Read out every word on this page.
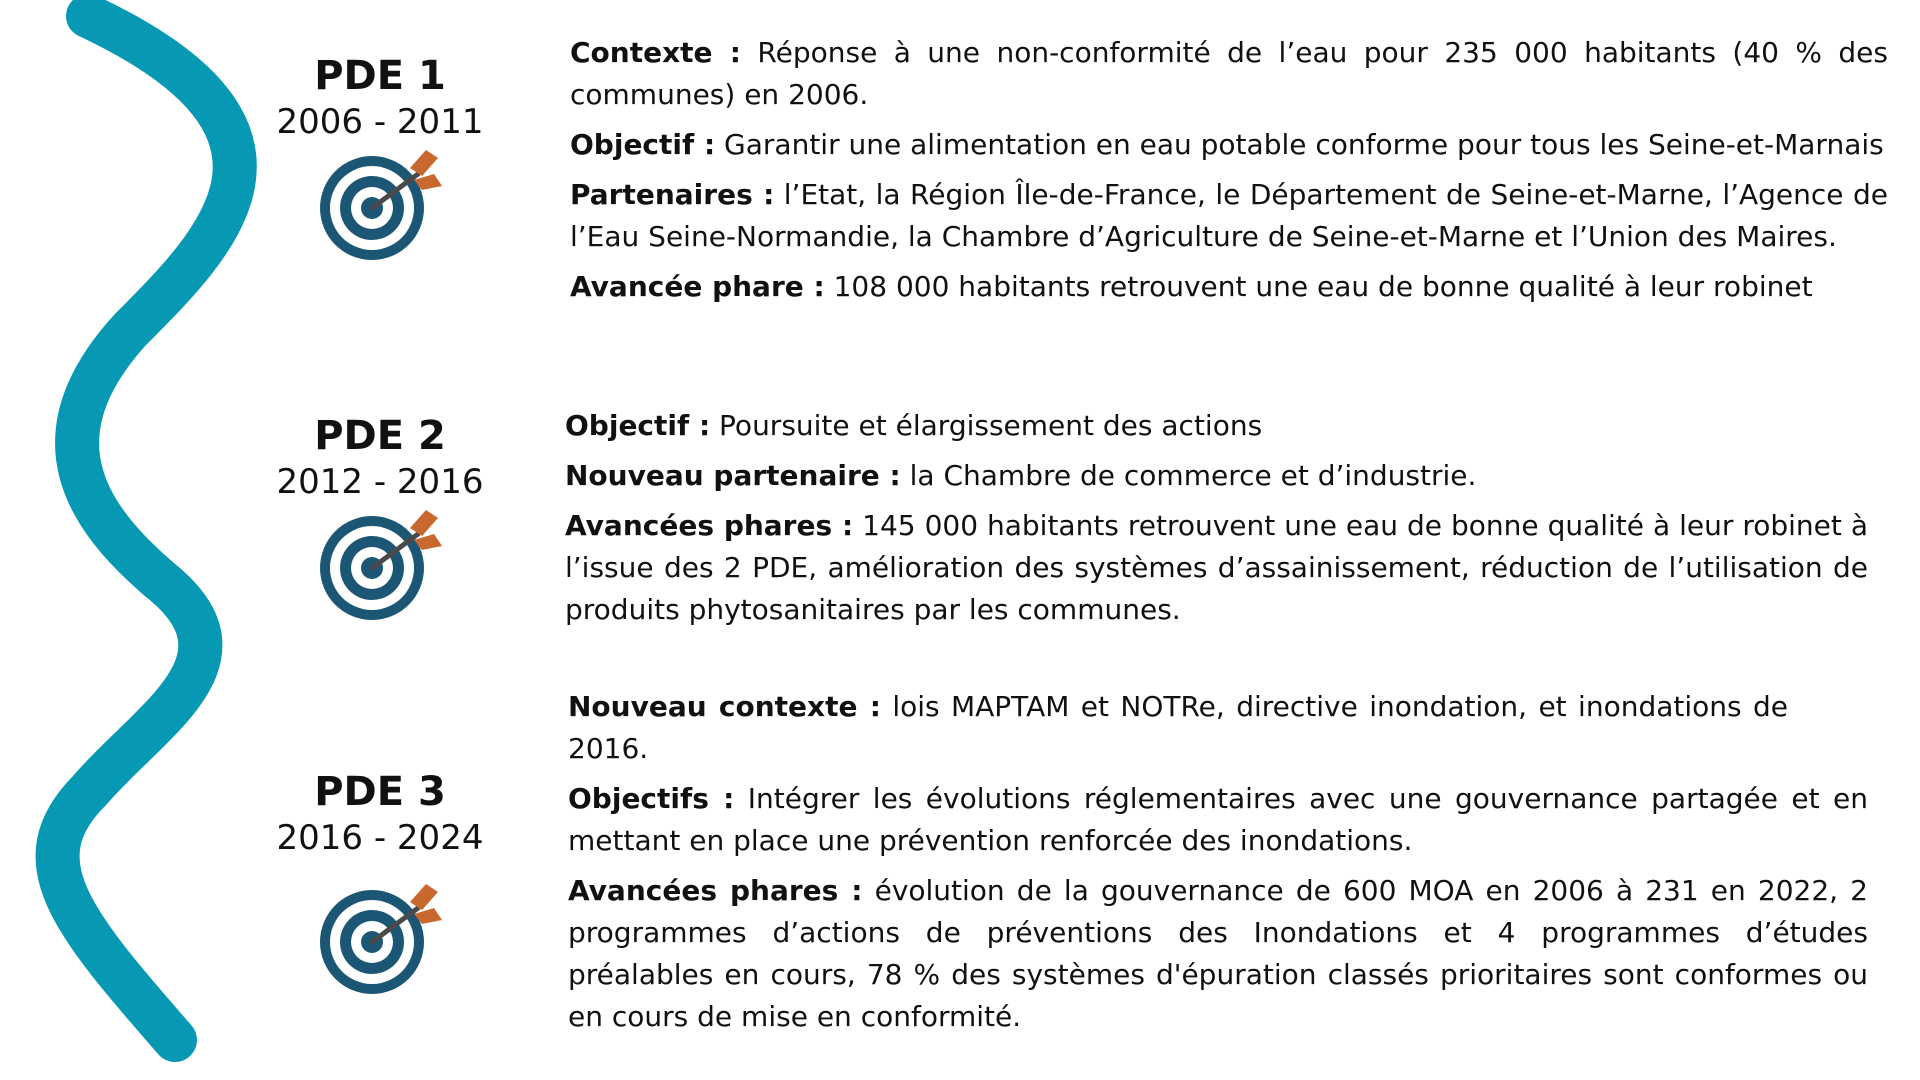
PDE 1
2006 - 2011

Contexte : Réponse à une non-conformité de l’eau pour 235 000 habitants (40 % des communes) en 2006.

Objectif : Garantir une alimentation en eau potable conforme pour tous les Seine-et-Marnais

Partenaires : l’Etat, la Région Île-de-France, le Département de Seine-et-Marne, l’Agence de l’Eau Seine-Normandie, la Chambre d’Agriculture de Seine-et-Marne et l’Union des Maires.

Avancée phare : 108 000 habitants retrouvent une eau de bonne qualité à leur robinet

PDE 2
2012 - 2016

Objectif : Poursuite et élargissement des actions

Nouveau partenaire : la Chambre de commerce et d’industrie.

Avancées phares : 145 000 habitants retrouvent une eau de bonne qualité à leur robinet à l’issue des 2 PDE, amélioration des systèmes d’assainissement, réduction de l’utilisation de produits phytosanitaires par les communes.

PDE 3
2016 - 2024

Nouveau contexte : lois MAPTAM et NOTRe, directive inondation, et inondations de 2016.

Objectifs : Intégrer les évolutions réglementaires avec une gouvernance partagée et en mettant en place une prévention renforcée des inondations.

Avancées phares : évolution de la gouvernance de 600 MOA en 2006 à 231 en 2022, 2 programmes d’actions de préventions des Inondations et 4 programmes d’études préalables en cours, 78 % des systèmes d'épuration classés prioritaires sont conformes ou en cours de mise en conformité.
